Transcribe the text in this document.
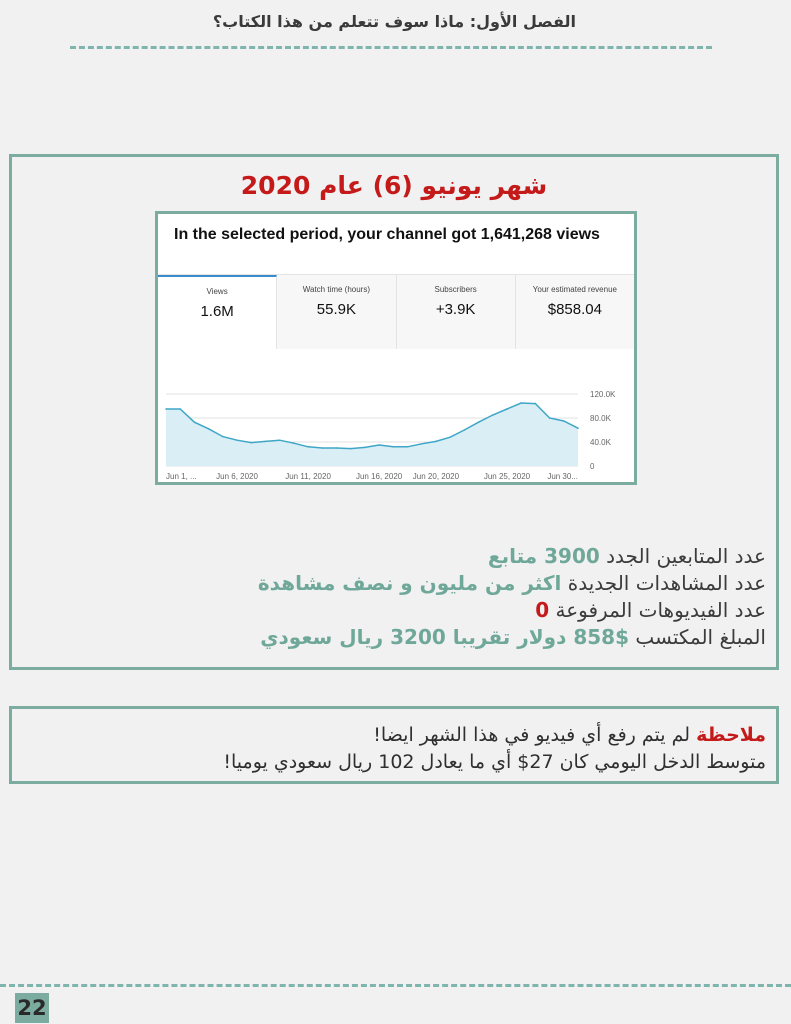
الفصل الأول: ماذا سوف تتعلم من هذا الكتاب؟
شهر يونيو (6) عام 2020
In the selected period, your channel got 1,641,268 views
Views
1.6M
Watch time (hours)
55.9K
Subscribers
+3.9K
Your estimated revenue
$858.04
120.0K
80.0K
40.0K
0
Jun 1, ... Jun 6, 2020	Jun 11, 2020	Jun 16, 2020 Jun 20, 2020	Jun 25, 2020 Jun 30...
عدد المتابعين الجدد 3900 متابع
عدد المشاهدات الجديدة اكثر من مليون و نصف مشاهدة
عدد الفيديوهات المرفوعة 0
المبلغ المكتسب $858 دولار تقريبا 3200 ريال سعودي
ملاحظة لم يتم رفع أي فيديو في هذا الشهر ايضا!
متوسط الدخل اليومي كان 27$ أي ما يعادل 102 ريال سعودي يوميا!
22
